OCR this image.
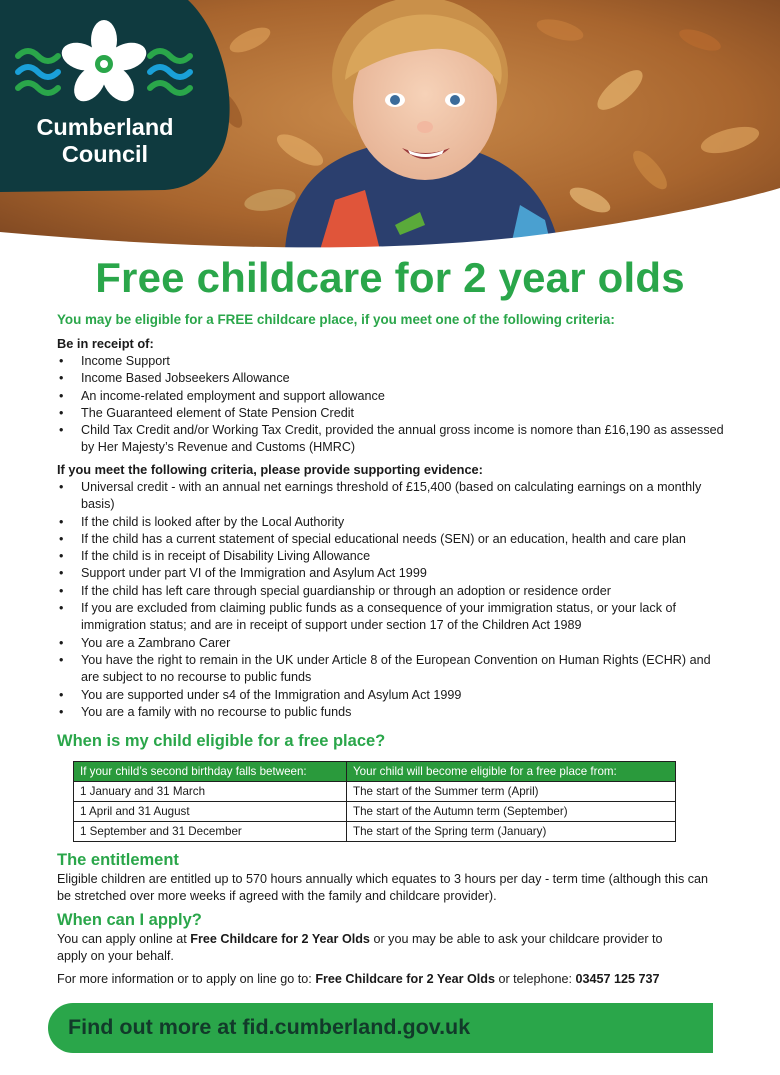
Cumberland
Council
Free childcare for 2 year olds

You may be eligible for a FREE childcare place, if you meet one of the following criteria:

Be in receipt of:

• Income Support
• Income Based Jobseekers Allowance
• An income-related employment and support allowance
• The Guaranteed element of State Pension Credit
• Child Tax Credit and/or Working Tax Credit, provided the annual gross income is nomore than £16,190 as assessed
by Her Majesty’s Revenue and Customs (HMRC)

If you meet the following criteria, please provide supporting evidence:

• Universal credit - with an annual net earnings threshold of £15,400 (based on calculating earnings on a monthly
basis)
• If the child is looked after by the Local Authority
• If the child has a current statement of special educational needs (SEN) or an education, health and care plan
• If the child is in receipt of Disability Living Allowance
• Support under part VI of the Immigration and Asylum Act 1999
• If the child has left care through special guardianship or through an adoption or residence order
• If you are excluded from claiming public funds as a consequence of your immigration status, or your lack of
immigration status; and are in receipt of support under section 17 of the Children Act 1989
• You are a Zambrano Carer
• You have the right to remain in the UK under Article 8 of the European Convention on Human Rights (ECHR) and
are subject to no recourse to public funds
• You are supported under s4 of the Immigration and Asylum Act 1999
• You are a family with no recourse to public funds

When is my child eligible for a free place?

If your child’s second birthday falls between:	Your child will become eligible for a free place from:
1 January and 31 March	The start of the Summer term (April)
1 April and 31 August	The start of the Autumn term (September)
1 September and 31 December	The start of the Spring term (January)

The entitlement

Eligible children are entitled up to 570 hours annually which equates to 3 hours per day - term time (although this can
be stretched over more weeks if agreed with the family and childcare provider).

When can I apply?

You can apply online at Free Childcare for 2 Year Olds or you may be able to ask your childcare provider to
apply on your behalf.

For more information or to apply on line go to: Free Childcare for 2 Year Olds or telephone: 03457 125 737

Find out more at fid.cumberland.gov.uk
